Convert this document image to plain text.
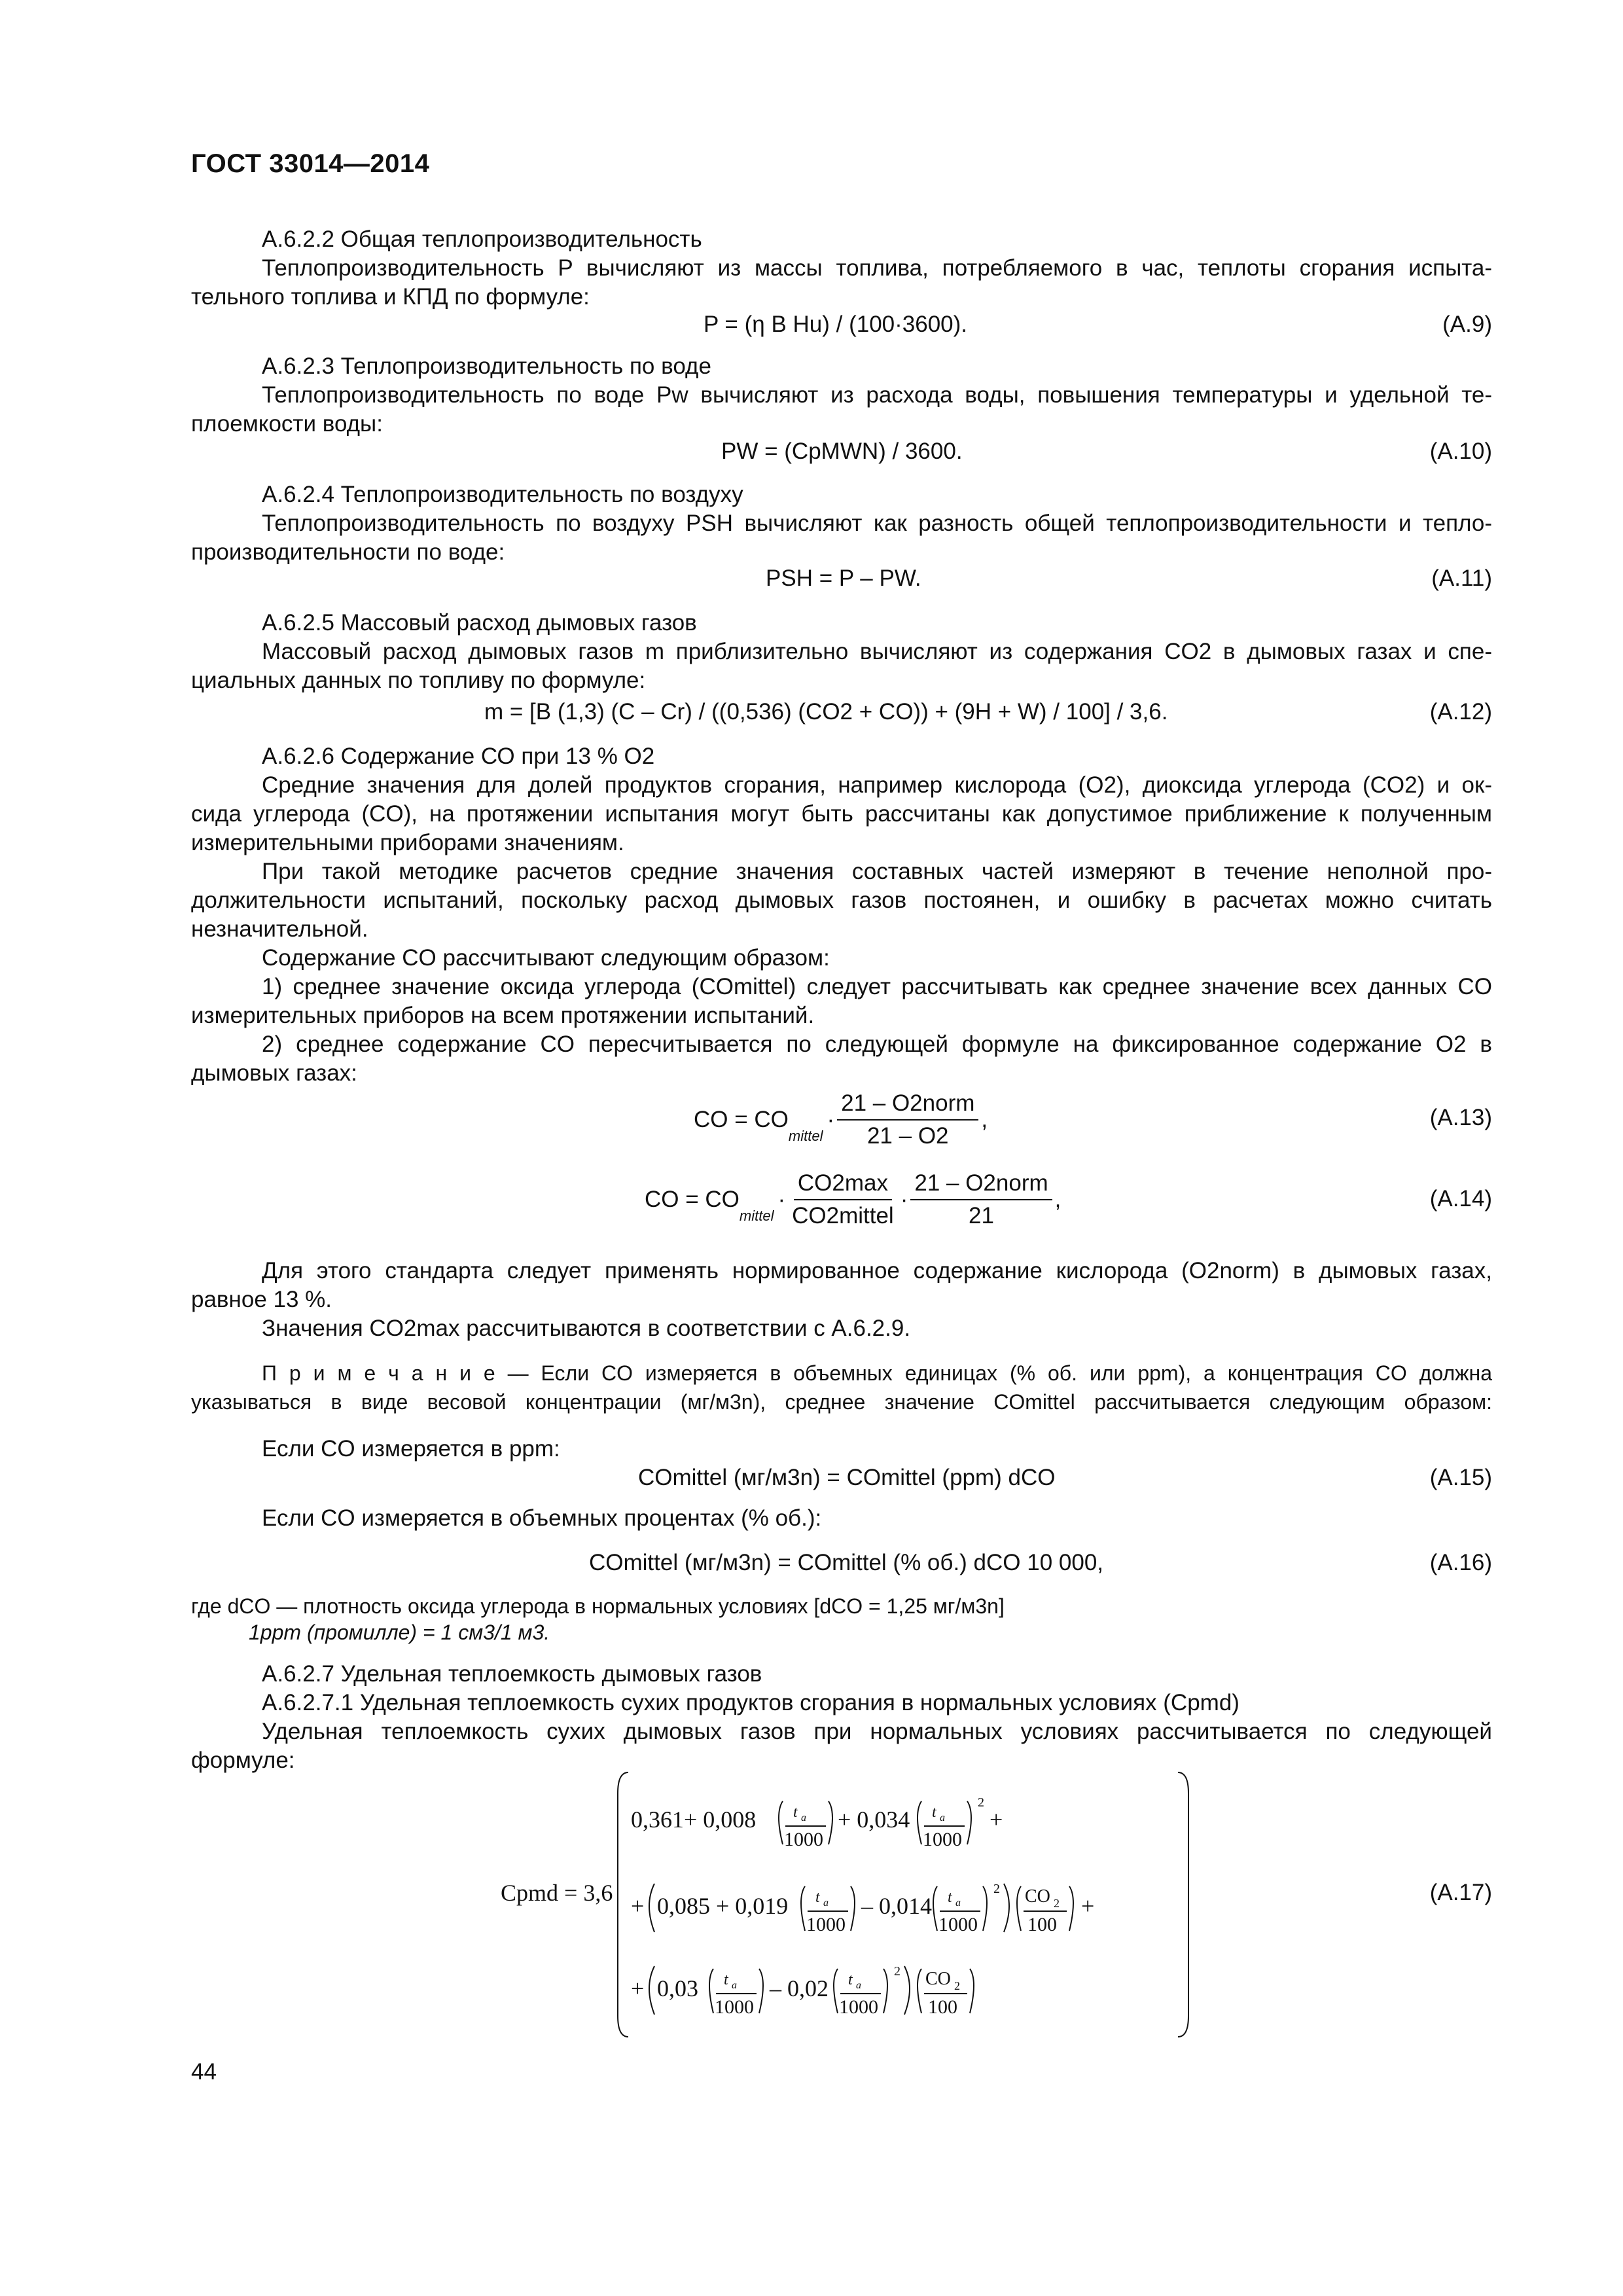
ГОСТ 33014—2014
А.6.2.2 Общая теплопроизводительность
Теплопроизводительность P вычисляют из массы топлива, потребляемого в час, теплоты сгорания испыта-
тельного топлива и КПД по формуле:
P = (η B Hu) / (100·3600).	(А.9)
А.6.2.3 Теплопроизводительность по воде
Теплопроизводительность по воде Pw вычисляют из расхода воды, повышения температуры и удельной те-
плоемкости воды:
PW = (CpMWN) / 3600.	(А.10)
А.6.2.4 Теплопроизводительность по воздуху
Теплопроизводительность по воздуху PSH вычисляют как разность общей теплопроизводительности и тепло-
производительности по воде:
PSH = P – PW.	(А.11)
А.6.2.5 Массовый расход дымовых газов
Массовый расход дымовых газов m приблизительно вычисляют из содержания CO2 в дымовых газах и спе-
циальных данных по топливу по формуле:
m = [B (1,3) (C – Cr) / ((0,536) (CO2 + CO)) + (9H + W) / 100] / 3,6.	(А.12)
А.6.2.6 Содержание СО при 13 % O2
Средние значения для долей продуктов сгорания, например кислорода (O2), диоксида углерода (CO2) и ок-
сида углерода (CO), на протяжении испытания могут быть рассчитаны как допустимое приближение к полученным
измерительными приборами значениям.
При такой методике расчетов средние значения составных частей измеряют в течение неполной про-
должительности испытаний, поскольку расход дымовых газов постоянен, и ошибку в расчетах можно считать
незначительной.
Содержание CO рассчитывают следующим образом:
1) среднее значение оксида углерода (COmittel) следует рассчитывать как среднее значение всех данных CO
измерительных приборов на всем протяжении испытаний.
2) среднее содержание CO пересчитывается по следующей формуле на фиксированное содержание O2 в
дымовых газах:
CO = CO
mittel
· $\frac{\text{21 – O2norm}}{21 - O2}$ ,	(А.13)
CO = CO
mittel
· $\frac{CO2\max}{\text{CO2mittel}} \cdot \frac{\text{21 – O2norm}}{21}$ ,	(А.14)
Для этого стандарта следует применять нормированное содержание кислорода (O2norm) в дымовых газах,
равное 13 %.
Значения CO2max рассчитываются в соответствии с А.6.2.9.
П р и м е ч а н и е — Если CO измеряется в объемных единицах (% об. или ppm), а концентрация CO должна
указываться в виде весовой концентрации (мг/м3n), среднее значение COmittel рассчитывается следующим образом:
Если CO измеряется в ppm:
COmittel (мг/м3n) = COmittel (ppm) dCO	(А.15)
Если CO измеряется в объемных процентах (% об.):
COmittel (мг/м3n) = COmittel (% об.) dCO 10 000,	(А.16)
где dCO — плотность оксида углерода в нормальных условиях [dCO = 1,25 мг/м3n]
1ppm (промилле) = 1 см3/1 м3.
А.6.2.7 Удельная теплоемкость дымовых газов
А.6.2.7.1 Удельная теплоемкость сухих продуктов сгорания в нормальных условиях (Cpmd)
Удельная теплоемкость сухих дымовых газов при нормальных условиях рассчитывается по следующей
формуле:
Cpmd = 3,6
0,361+ 0,008 t a
1000
+ 0,034 t a
1000
2
+
+ 0,085 + 0,019 t a
1000
– 0,014 t a
1000
2 CO 2
100
+
+ 0,03 t a
1000
– 0,02 t a
1000
2 CO 2
100
(А.17)
44
